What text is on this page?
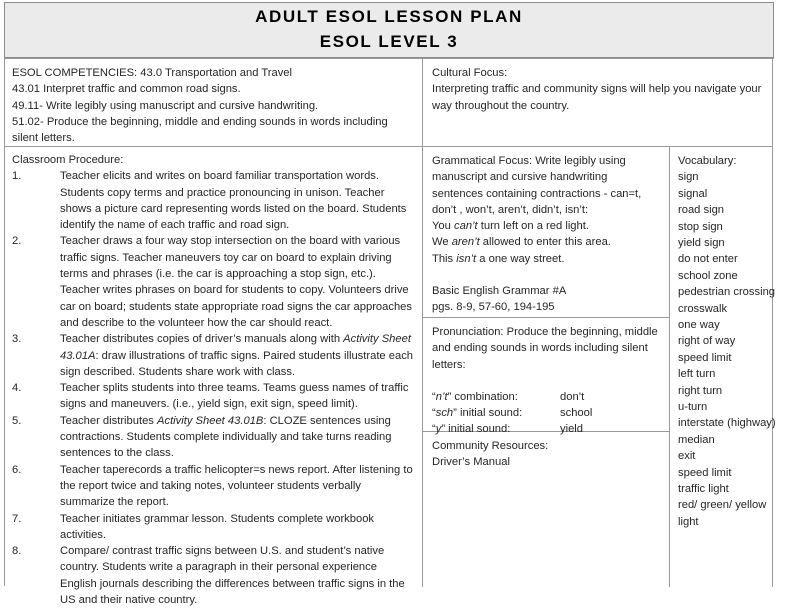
ADULT ESOL LESSON PLAN
ESOL LEVEL 3

ESOL COMPETENCIES: 43.0 Transportation and Travel

43.01 Interpret traffic and common road signs.

49.11- Write legibly using manuscript and cursive handwriting.

51.02- Produce the beginning, middle and ending sounds in words including silent letters.

Cultural Focus:

Interpreting traffic and community signs will help you navigate your way throughout the country.

Classroom Procedure:

1.	Teacher elicits and writes on board familiar transportation words. Students copy terms and practice pronouncing in unison. Teacher shows a picture card representing words listed on the board. Students identify the name of each traffic and road sign.
2.	Teacher draws a four way stop intersection on the board with various traffic signs. Teacher maneuvers toy car on board to explain driving terms and phrases (i.e. the car is approaching a stop sign, etc.). Teacher writes phrases on board for students to copy. Volunteers drive car on board; students state appropriate road signs the car approaches and describe to the volunteer how the car should react.
3.	Teacher distributes copies of driver’s manuals along with Activity Sheet 43.01A: draw illustrations of traffic signs. Paired students illustrate each sign described. Students share work with class.
4.	Teacher splits students into three teams. Teams guess names of traffic signs and maneuvers. (i.e., yield sign, exit sign, speed limit).
5.	Teacher distributes Activity Sheet 43.01B: CLOZE sentences using contractions. Students complete individually and take turns reading sentences to the class.
6.	Teacher taperecords a traffic helicopter=s news report. After listening to the report twice and taking notes, volunteer students verbally summarize the report.
7.	Teacher initiates grammar lesson. Students complete workbook activities.
8.	Compare/ contrast traffic signs between U.S. and student’s native country. Students write a paragraph in their personal experience English journals describing the differences between traffic signs in the US and their native country.

Grammatical Focus: Write legibly using manuscript and cursive handwriting sentences containing contractions - can=t, don’t , won’t, aren’t, didn’t, isn’t:

You can’t turn left on a red light.

We aren’t allowed to enter this area.

This isn’t a one way street.

Basic English Grammar #A

pgs. 8-9, 57-60, 194-195

Pronunciation: Produce the beginning, middle and ending sounds in words including silent letters:

“n’t” combination:	don’t
“sch” initial sound:	school
“y” initial sound:	yield

Community Resources:

Driver’s Manual

Vocabulary:

sign
signal
road sign
stop sign
yield sign
do not enter
school zone
pedestrian crossing
crosswalk
one way
right of way
speed limit
left turn
right turn
u-turn
interstate (highway)
median
exit
speed limit
traffic light
red/ green/ yellow
light
